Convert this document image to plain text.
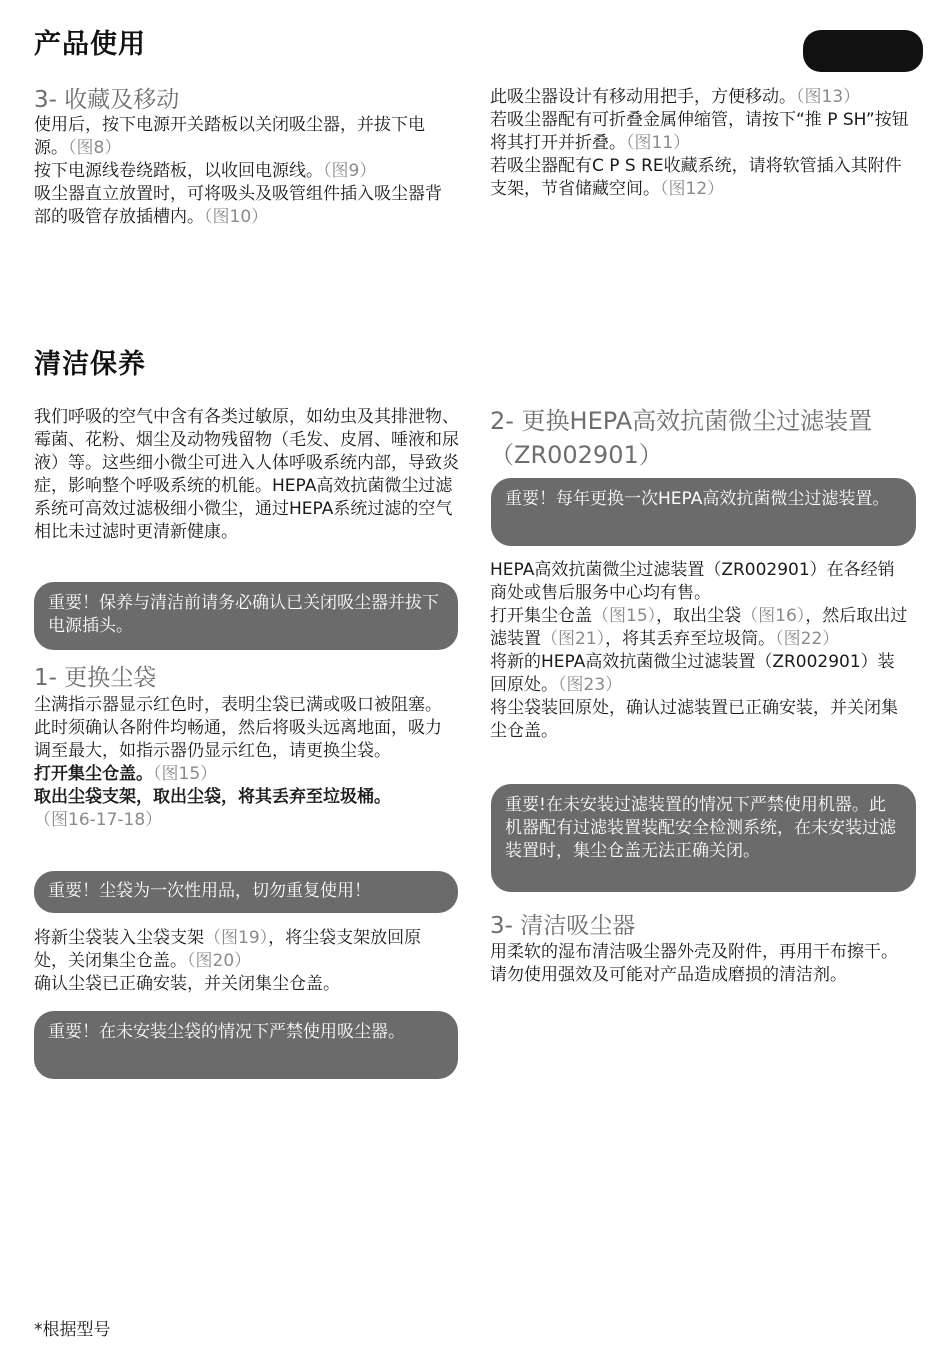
产品使用
3- 收藏及移动

使用后，按下电源开关踏板以关闭吸尘器，并拔下电源。（图8）

按下电源线卷绕踏板，以收回电源线。（图9）

吸尘器直立放置时，可将吸头及吸管组件插入吸尘器背部的吸管存放插槽内。（图10）

此吸尘器设计有移动用把手，方便移动。（图13）

若吸尘器配有可折叠金属伸缩管，请按下“推 P SH”按钮将其打开并折叠。（图11）

若吸尘器配有C P S RE收藏系统，请将软管插入其附件支架，节省储藏空间。（图12）

清洁保养

我们呼吸的空气中含有各类过敏原，如幼虫及其排泄物、霉菌、花粉、烟尘及动物残留物（毛发、皮屑、唾液和尿液）等。这些细小微尘可进入人体呼吸系统内部，导致炎症，影响整个呼吸系统的机能。HEPA高效抗菌微尘过滤系统可高效过滤极细小微尘，通过HEPA系统过滤的空气相比未过滤时更清新健康。

重要！保养与清洁前请务必确认已关闭吸尘器并拔下电源插头。
1- 更换尘袋

尘满指示器显示红色时，表明尘袋已满或吸口被阻塞。此时须确认各附件均畅通，然后将吸头远离地面，吸力调至最大，如指示器仍显示红色，请更换尘袋。

打开集尘仓盖。（图15）

取出尘袋支架，取出尘袋，将其丢弃至垃圾桶。
（图16-17-18）

重要！尘袋为一次性用品，切勿重复使用！

将新尘袋装入尘袋支架（图19），将尘袋支架放回原处，关闭集尘仓盖。（图20）

确认尘袋已正确安装，并关闭集尘仓盖。

重要！在未安装尘袋的情况下严禁使用吸尘器。
2- 更换HEPA高效抗菌微尘过滤装置（ZR002901）
重要！每年更换一次HEPA高效抗菌微尘过滤装置。

HEPA高效抗菌微尘过滤装置（ZR002901）在各经销商处或售后服务中心均有售。

打开集尘仓盖（图15），取出尘袋（图16），然后取出过滤装置（图21），将其丢弃至垃圾筒。（图22）

将新的HEPA高效抗菌微尘过滤装置（ZR002901）装回原处。（图23）

将尘袋装回原处，确认过滤装置已正确安装，并关闭集尘仓盖。

重要!在未安装过滤装置的情况下严禁使用机器。此机器配有过滤装置装配安全检测系统，在未安装过滤装置时，集尘仓盖无法正确关闭。
3- 清洁吸尘器

用柔软的湿布清洁吸尘器外壳及附件，再用干布擦干。

请勿使用强效及可能对产品造成磨损的清洁剂。

*根据型号
